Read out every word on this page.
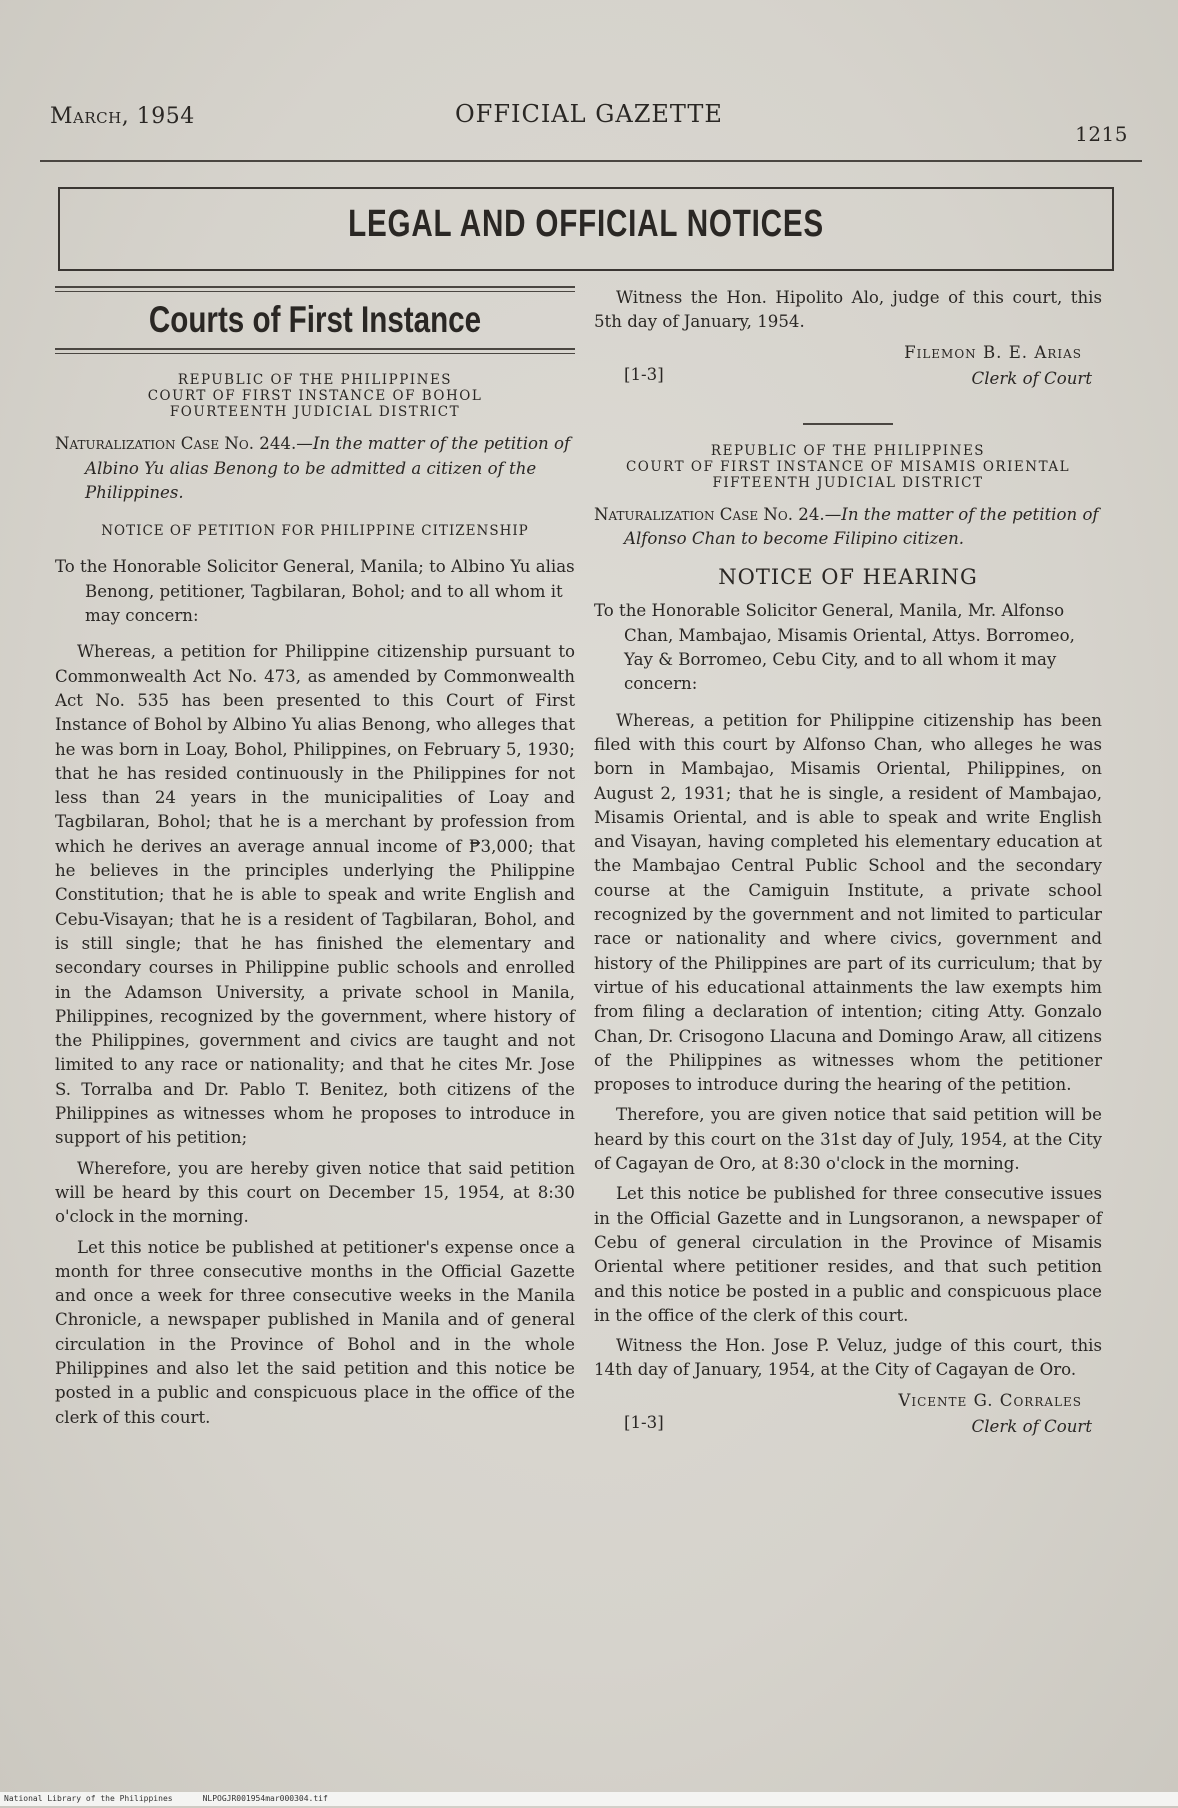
March, 1954	OFFICIAL GAZETTE
1215
LEGAL AND OFFICIAL NOTICES
Courts of First Instance
REPUBLIC OF THE PHILIPPINES
COURT OF FIRST INSTANCE OF BOHOL
FOURTEENTH JUDICIAL DISTRICT
Naturalization Case No. 244.—In the matter of the petition of Albino Yu alias Benong to be admitted a citizen of the Philippines.
NOTICE OF PETITION FOR PHILIPPINE CITIZENSHIP
To the Honorable Solicitor General, Manila; to Albino Yu alias Benong, petitioner, Tagbilaran, Bohol; and to all whom it may concern:

Whereas, a petition for Philippine citizenship pursuant to Commonwealth Act No. 473, as amended by Commonwealth Act No. 535 has been presented to this Court of First Instance of Bohol by Albino Yu alias Benong, who alleges that he was born in Loay, Bohol, Philippines, on February 5, 1930; that he has resided continuously in the Philippines for not less than 24 years in the municipalities of Loay and Tagbilaran, Bohol; that he is a merchant by profession from which he derives an average annual income of ₱3,000; that he believes in the principles underlying the Philippine Constitution; that he is able to speak and write English and Cebu-Visayan; that he is a resident of Tagbilaran, Bohol, and is still single; that he has finished the elementary and secondary courses in Philippine public schools and enrolled in the Adamson University, a private school in Manila, Philippines, recognized by the government, where history of the Philippines, government and civics are taught and not limited to any race or nationality; and that he cites Mr. Jose S. Torralba and Dr. Pablo T. Benitez, both citizens of the Philippines as witnesses whom he proposes to introduce in support of his petition;

Wherefore, you are hereby given notice that said petition will be heard by this court on December 15, 1954, at 8:30 o'clock in the morning.

Let this notice be published at petitioner's expense once a month for three consecutive months in the Official Gazette and once a week for three consecutive weeks in the Manila Chronicle, a newspaper published in Manila and of general circulation in the Province of Bohol and in the whole Philippines and also let the said petition and this notice be posted in a public and conspicuous place in the office of the clerk of this court.

Witness the Hon. Hipolito Alo, judge of this court, this 5th day of January, 1954.

[1-3]
Filemon B. E. Arias
Clerk of Court
REPUBLIC OF THE PHILIPPINES
COURT OF FIRST INSTANCE OF MISAMIS ORIENTAL
FIFTEENTH JUDICIAL DISTRICT
Naturalization Case No. 24.—In the matter of the petition of Alfonso Chan to become Filipino citizen.
NOTICE OF HEARING
To the Honorable Solicitor General, Manila, Mr. Alfonso Chan, Mambajao, Misamis Oriental, Attys. Borromeo, Yay & Borromeo, Cebu City, and to all whom it may concern:

Whereas, a petition for Philippine citizenship has been filed with this court by Alfonso Chan, who alleges he was born in Mambajao, Misamis Oriental, Philippines, on August 2, 1931; that he is single, a resident of Mambajao, Misamis Oriental, and is able to speak and write English and Visayan, having completed his elementary education at the Mambajao Central Public School and the secondary course at the Camiguin Institute, a private school recognized by the government and not limited to particular race or nationality and where civics, government and history of the Philippines are part of its curriculum; that by virtue of his educational attainments the law exempts him from filing a declaration of intention; citing Atty. Gonzalo Chan, Dr. Crisogono Llacuna and Domingo Araw, all citizens of the Philippines as witnesses whom the petitioner proposes to introduce during the hearing of the petition.

Therefore, you are given notice that said petition will be heard by this court on the 31st day of July, 1954, at the City of Cagayan de Oro, at 8:30 o'clock in the morning.

Let this notice be published for three consecutive issues in the Official Gazette and in Lungsoranon, a newspaper of Cebu of general circulation in the Province of Misamis Oriental where petitioner resides, and that such petition and this notice be posted in a public and conspicuous place in the office of the clerk of this court.

Witness the Hon. Jose P. Veluz, judge of this court, this 14th day of January, 1954, at the City of Cagayan de Oro.

[1-3]
Vicente G. Corrales
Clerk of Court
National Library of the Philippines	NLPOGJR001954mar000304.tif
